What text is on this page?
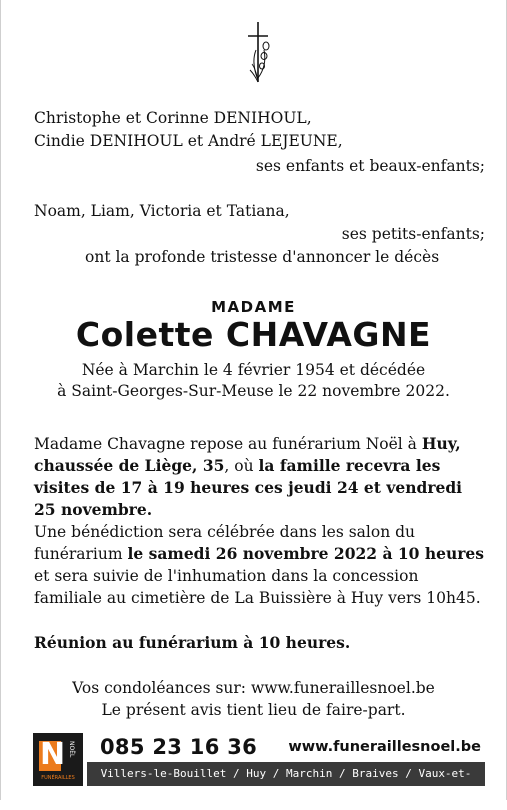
Christophe et Corinne DENIHOUL,
Cindie DENIHOUL et André LEJEUNE,
ses enfants et beaux-enfants;
Noam, Liam, Victoria et Tatiana,
ses petits-enfants;
ont la profonde tristesse d'annoncer le décès
MADAME
Colette CHAVAGNE
Née à Marchin le 4 février 1954 et décédée
à Saint-Georges-Sur-Meuse le 22 novembre 2022.
Madame Chavagne repose au funérarium Noël à Huy, chaussée de Liège, 35, où la famille recevra les visites de 17 à 19 heures ces jeudi 24 et vendredi 25 novembre.
Une bénédiction sera célébrée dans les salon du funérarium le samedi 26 novembre 2022 à 10 heures et sera suivie de l'inhumation dans la concession familiale au cimetière de La Buissière à Huy vers 10h45.
Réunion au funérarium à 10 heures.
Vos condoléances sur: www.funeraillesnoel.be
Le présent avis tient lieu de faire-part.
N NOËL
FUNÉRAILLES
085 23 16 36 www.funeraillesnoel.be
Villers-le-Bouillet / Huy / Marchin / Braives / Vaux-et-Borset / Wanze-Moha
